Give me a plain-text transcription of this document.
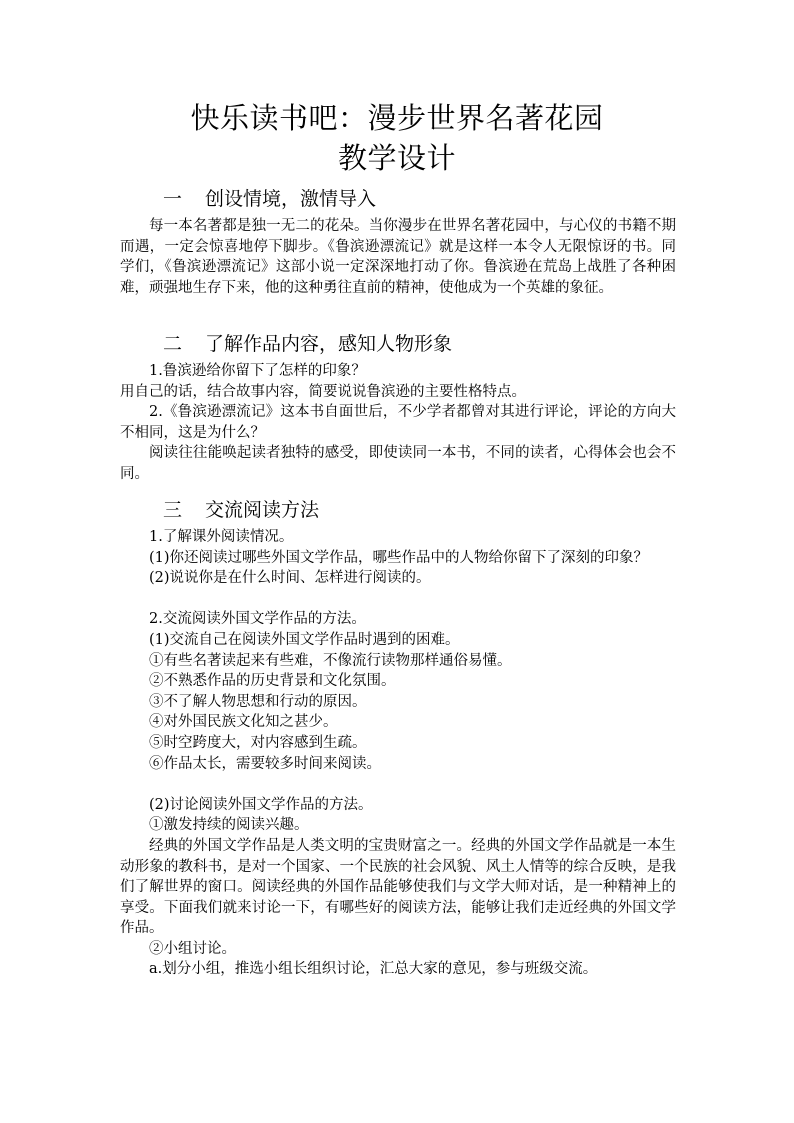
快乐读书吧：漫步世界名著花园
教学设计
一 创设情境，激情导入

每一本名著都是独一无二的花朵。当你漫步在世界名著花园中，与心仪的书籍不期而遇，一定会惊喜地停下脚步。《鲁滨逊漂流记》就是这样一本令人无限惊讶的书。同学们，《鲁滨逊漂流记》这部小说一定深深地打动了你。鲁滨逊在荒岛上战胜了各种困难，顽强地生存下来，他的这种勇往直前的精神，使他成为一个英雄的象征。

二 了解作品内容，感知人物形象

1.鲁滨逊给你留下了怎样的印象？

用自己的话，结合故事内容，简要说说鲁滨逊的主要性格特点。

2.《鲁滨逊漂流记》这本书自面世后，不少学者都曾对其进行评论，评论的方向大不相同，这是为什么？

阅读往往能唤起读者独特的感受，即使读同一本书，不同的读者，心得体会也会不同。

三 交流阅读方法

1.了解课外阅读情况。

(1)你还阅读过哪些外国文学作品，哪些作品中的人物给你留下了深刻的印象？

(2)说说你是在什么时间、怎样进行阅读的。

2.交流阅读外国文学作品的方法。

(1)交流自己在阅读外国文学作品时遇到的困难。

①有些名著读起来有些难，不像流行读物那样通俗易懂。

②不熟悉作品的历史背景和文化氛围。

③不了解人物思想和行动的原因。

④对外国民族文化知之甚少。

⑤时空跨度大，对内容感到生疏。

⑥作品太长，需要较多时间来阅读。

(2)讨论阅读外国文学作品的方法。

①激发持续的阅读兴趣。

经典的外国文学作品是人类文明的宝贵财富之一。经典的外国文学作品就是一本生动形象的教科书，是对一个国家、一个民族的社会风貌、风土人情等的综合反映，是我们了解世界的窗口。阅读经典的外国作品能够使我们与文学大师对话，是一种精神上的享受。下面我们就来讨论一下，有哪些好的阅读方法，能够让我们走近经典的外国文学作品。

②小组讨论。

a.划分小组，推选小组长组织讨论，汇总大家的意见，参与班级交流。
